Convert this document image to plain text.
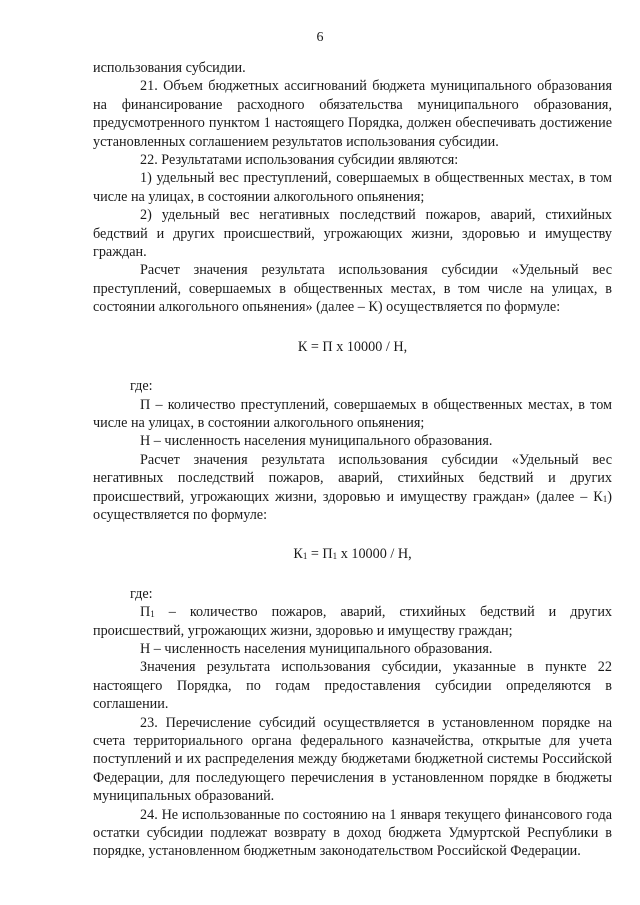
6

использования субсидии.

21. Объем бюджетных ассигнований бюджета муниципального образования на финансирование расходного обязательства муниципального образования, предусмотренного пунктом 1 настоящего Порядка, должен обеспечивать достижение установленных соглашением результатов использования субсидии.

22. Результатами использования субсидии являются:

1) удельный вес преступлений, совершаемых в общественных местах, в том числе на улицах, в состоянии алкогольного опьянения;

2) удельный вес негативных последствий пожаров, аварий, стихийных бедствий и других происшествий, угрожающих жизни, здоровью и имуществу граждан.

Расчет значения результата использования субсидии «Удельный вес преступлений, совершаемых в общественных местах, в том числе на улицах, в состоянии алкогольного опьянения» (далее – К) осуществляется по формуле:

К = П x 10000 / Н,

где:

П – количество преступлений, совершаемых в общественных местах, в том числе на улицах, в состоянии алкогольного опьянения;

Н – численность населения муниципального образования.

Расчет значения результата использования субсидии «Удельный вес негативных последствий пожаров, аварий, стихийных бедствий и других происшествий, угрожающих жизни, здоровью и имуществу граждан» (далее – $К_1$) осуществляется по формуле:

$К_1 = П_1$ x 10000 / Н,

где:

$П_1$ – количество пожаров, аварий, стихийных бедствий и других происшествий, угрожающих жизни, здоровью и имуществу граждан;

Н – численность населения муниципального образования.

Значения результата использования субсидии, указанные в пункте 22 настоящего Порядка, по годам предоставления субсидии определяются в соглашении.

23. Перечисление субсидий осуществляется в установленном порядке на счета территориального органа федерального казначейства, открытые для учета поступлений и их распределения между бюджетами бюджетной системы Российской Федерации, для последующего перечисления в установленном порядке в бюджеты муниципальных образований.

24. Не использованные по состоянию на 1 января текущего финансового года остатки субсидии подлежат возврату в доход бюджета Удмуртской Республики в порядке, установленном бюджетным законодательством Российской Федерации.
